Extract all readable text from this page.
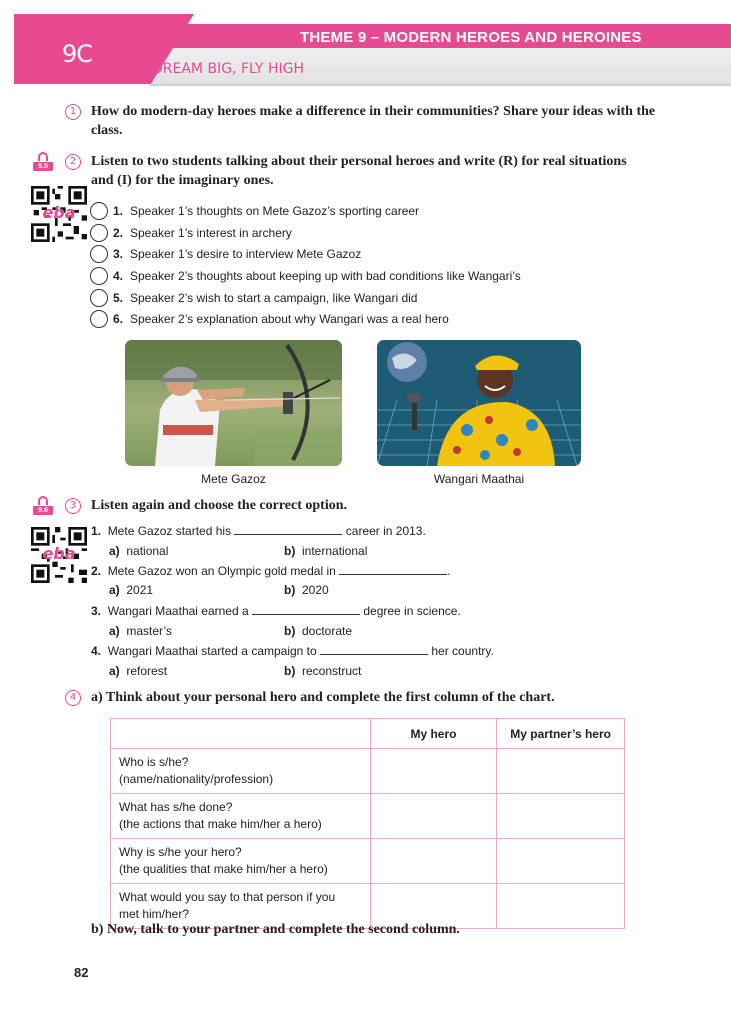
9C
THEME 9 – MODERN HEROES AND HEROINES
DREAM BIG, FLY HIGH
1	How do modern-day heroes make a difference in their communities? Share your ideas with the class.
9.5	2	Listen to two students talking about their personal heroes and write (R) for real situations and (I) for the imaginary ones.
eba	1. Speaker 1’s thoughts on Mete Gazoz’s sporting career
2. Speaker 1’s interest in archery
3. Speaker 1’s desire to interview Mete Gazoz
4. Speaker 2’s thoughts about keeping up with bad conditions like Wangari’s
5. Speaker 2’s wish to start a campaign, like Wangari did
6. Speaker 2’s explanation about why Wangari was a real hero
Mete Gazoz	Wangari Maathai
9.6	3	Listen again and choose the correct option.
eba
1. Mete Gazoz started his	career in 2013.
a) national	b) international
2. Mete Gazoz won an Olympic gold medal in	.
a) 2021	b) 2020
3. Wangari Maathai earned a	degree in science.
a) master’s	b) doctorate
4. Wangari Maathai started a campaign to	her country.
a) reforest	b) reconstruct
4	a) Think about your personal hero and complete the first column of the chart.
	My hero	My partner’s hero

Who is s/he?
(name/nationality/profession)		

What has s/he done?
(the actions that make him/her a hero)		

Why is s/he your hero?
(the qualities that make him/her a hero)		

What would you say to that person if you
met him/her?		

b) Now, talk to your partner and complete the second column.
82
